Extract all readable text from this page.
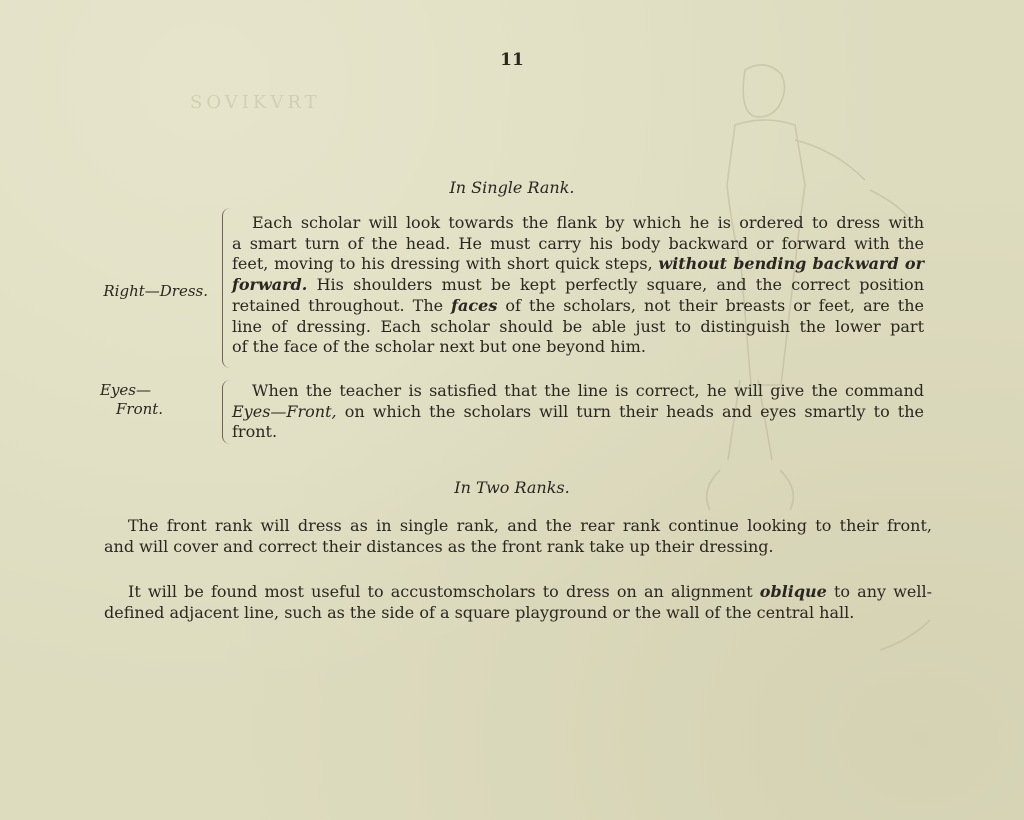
SOVIKVRT
11
In Single Rank.
Right—Dress.
Each scholar will look towards the flank by which he is ordered to dress with
a smart turn of the head. He must carry his body backward or forward with the
feet, moving to his dressing with short quick steps, without bending backward or
forward. His shoulders must be kept perfectly square, and the correct position
retained throughout. The faces of the scholars, not their breasts or feet, are the
line of dressing. Each scholar should be able just to distinguish the lower part
of the face of the scholar next but one beyond him.
Eyes—
Front.
When the teacher is satisfied that the line is correct, he will give the command
Eyes—Front, on which the scholars will turn their heads and eyes smartly to the
front.
In Two Ranks.
The front rank will dress as in single rank, and the rear rank continue looking to their front,
and will cover and correct their distances as the front rank take up their dressing.
It will be found most useful to accustomscholars to dress on an alignment oblique to any well-
defined adjacent line, such as the side of a square playground or the wall of the central hall.
